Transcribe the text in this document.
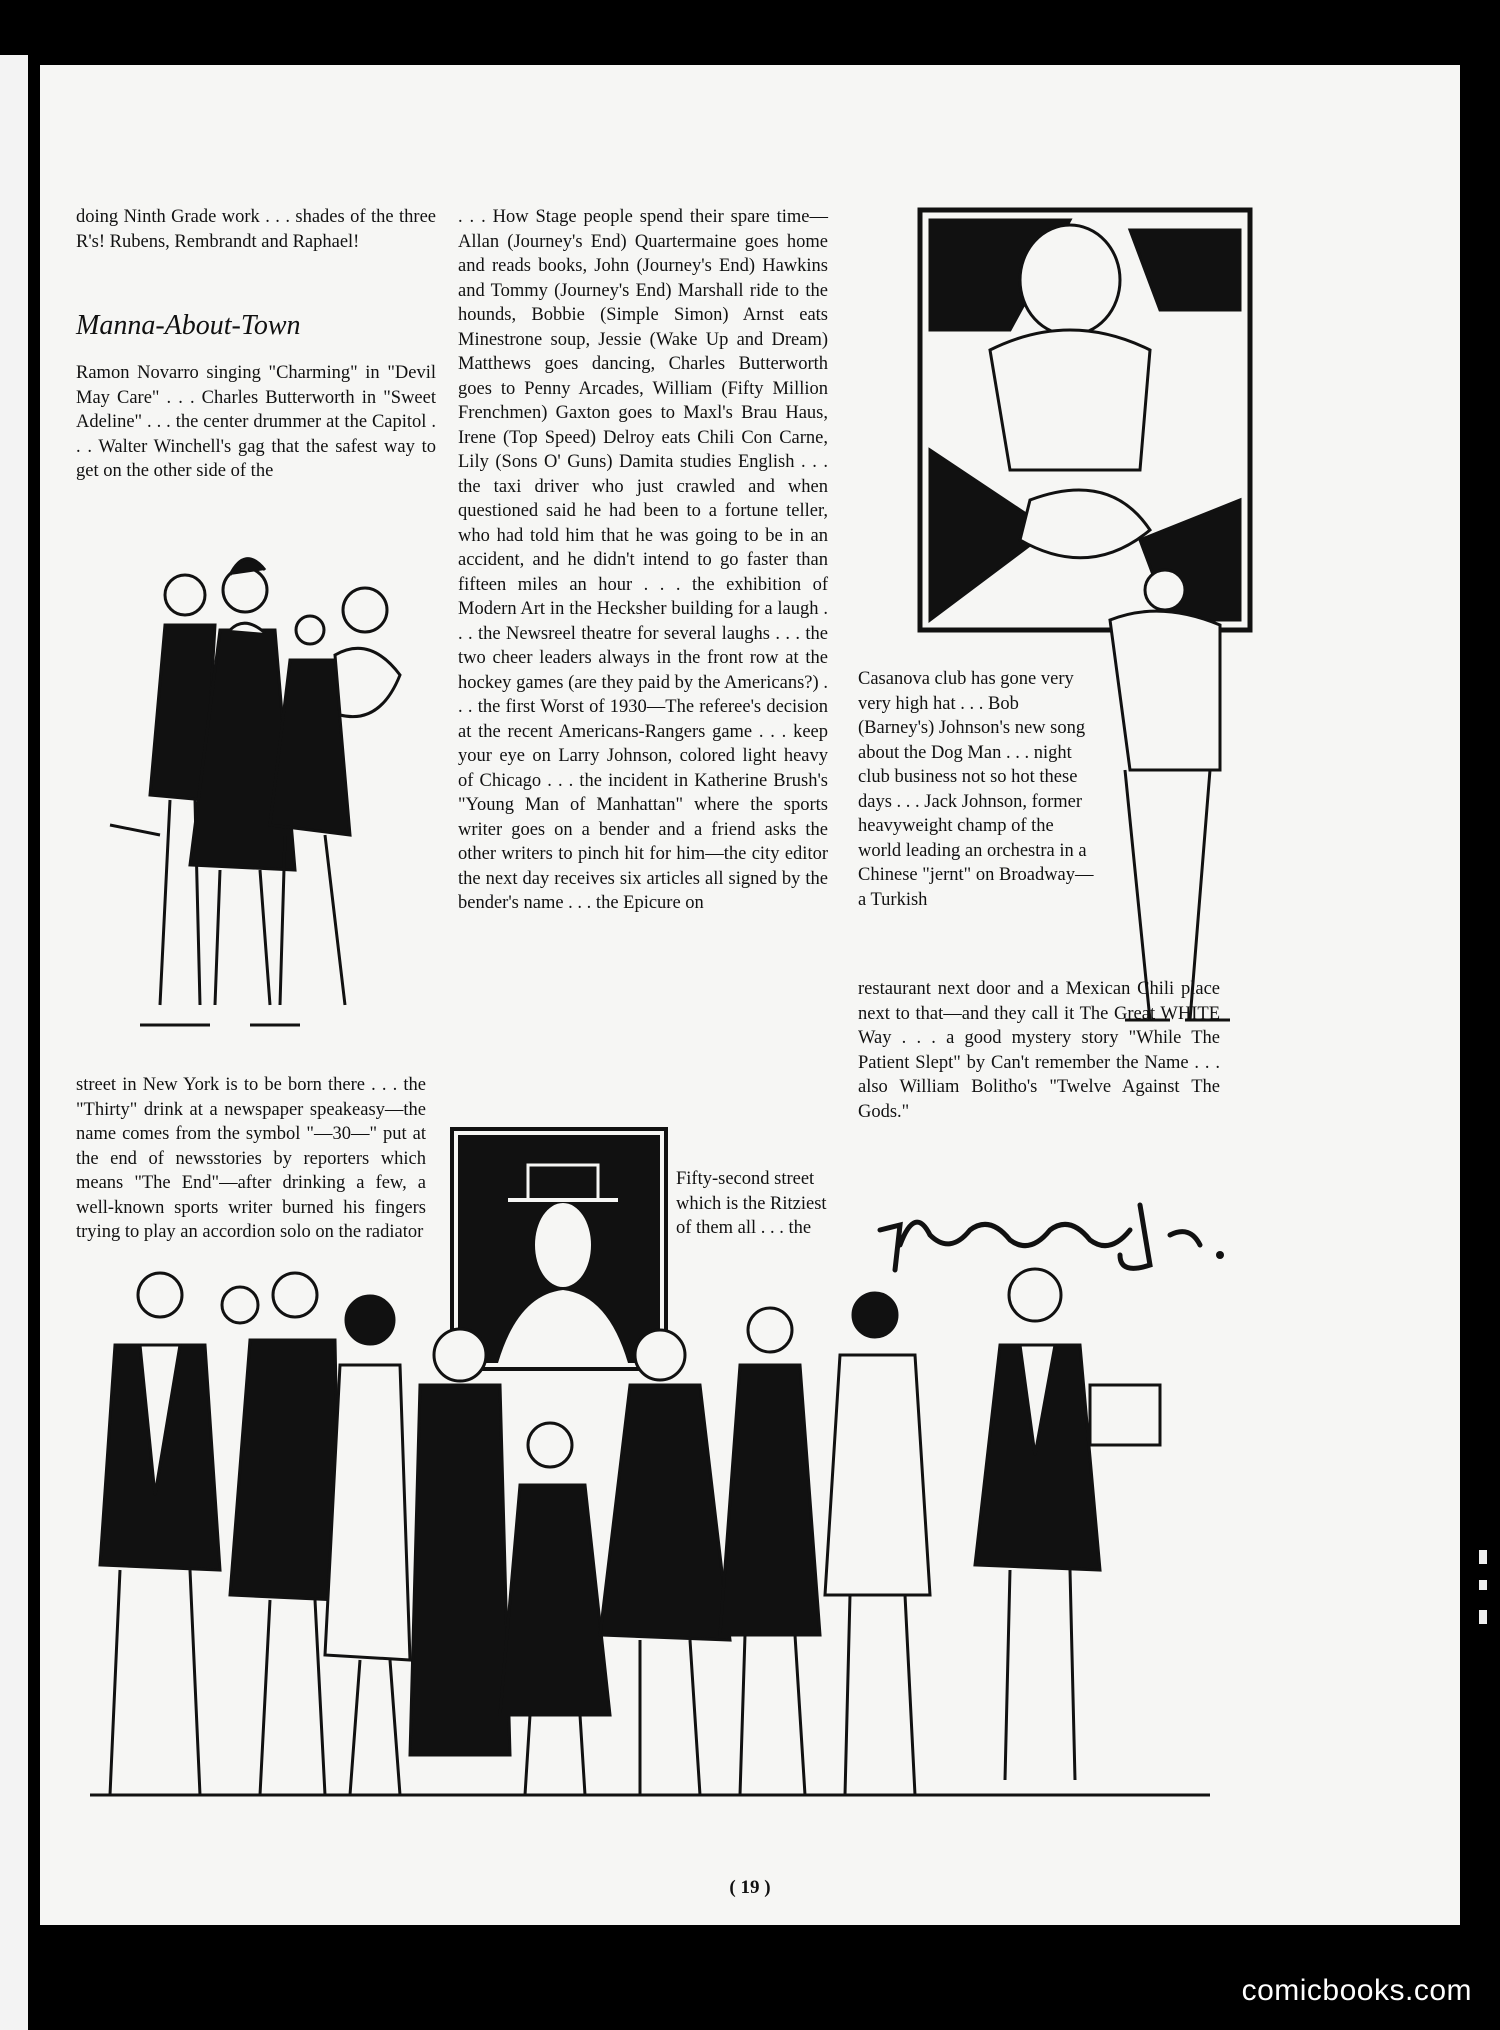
doing Ninth Grade work . . . shades of the three R's! Rubens, Rembrandt and Raphael!

Manna-About-Town

Ramon Novarro singing "Charming" in "Devil May Care" . . . Charles Butterworth in "Sweet Adeline" . . . the center drummer at the Capitol . . . Walter Winchell's gag that the safest way to get on the other side of the

street in New York is to be born there . . . the "Thirty" drink at a newspaper speakeasy—the name comes from the symbol "—30—" put at the end of newsstories by reporters which means "The End"—after drinking a few, a well-known sports writer burned his fingers trying to play an accordion solo on the radiator

. . . How Stage people spend their spare time—Allan (Journey's End) Quartermaine goes home and reads books, John (Journey's End) Hawkins and Tommy (Journey's End) Marshall ride to the hounds, Bobbie (Simple Simon) Arnst eats Minestrone soup, Jessie (Wake Up and Dream) Matthews goes dancing, Charles Butterworth goes to Penny Arcades, William (Fifty Million Frenchmen) Gaxton goes to Maxl's Brau Haus, Irene (Top Speed) Delroy eats Chili Con Carne, Lily (Sons O' Guns) Damita studies English . . . the taxi driver who just crawled and when questioned said he had been to a fortune teller, who had told him that he was going to be in an accident, and he didn't intend to go faster than fifteen miles an hour . . . the exhibition of Modern Art in the Hecksher building for a laugh . . . the Newsreel theatre for several laughs . . . the two cheer leaders always in the front row at the hockey games (are they paid by the Americans?) . . . the first Worst of 1930—The referee's decision at the recent Americans-Rangers game . . . keep your eye on Larry Johnson, colored light heavy of Chicago . . . the incident in Katherine Brush's "Young Man of Manhattan" where the sports writer goes on a bender and a friend asks the other writers to pinch hit for him—the city editor the next day receives six articles all signed by the bender's name . . . the Epicure on

Fifty-second street which is the Ritziest of them all . . . the

Casanova club has gone very very high hat . . . Bob (Barney's) Johnson's new song about the Dog Man . . . night club business not so hot these days . . . Jack Johnson, former heavyweight champ of the world leading an orchestra in a Chinese "jernt" on Broadway—a Turkish

restaurant next door and a Mexican Chili place next to that—and they call it The Great WHITE Way . . . a good mystery story "While The Patient Slept" by Can't remember the Name . . . also William Bolitho's "Twelve Against The Gods."

( 19 )
comicbooks.com
